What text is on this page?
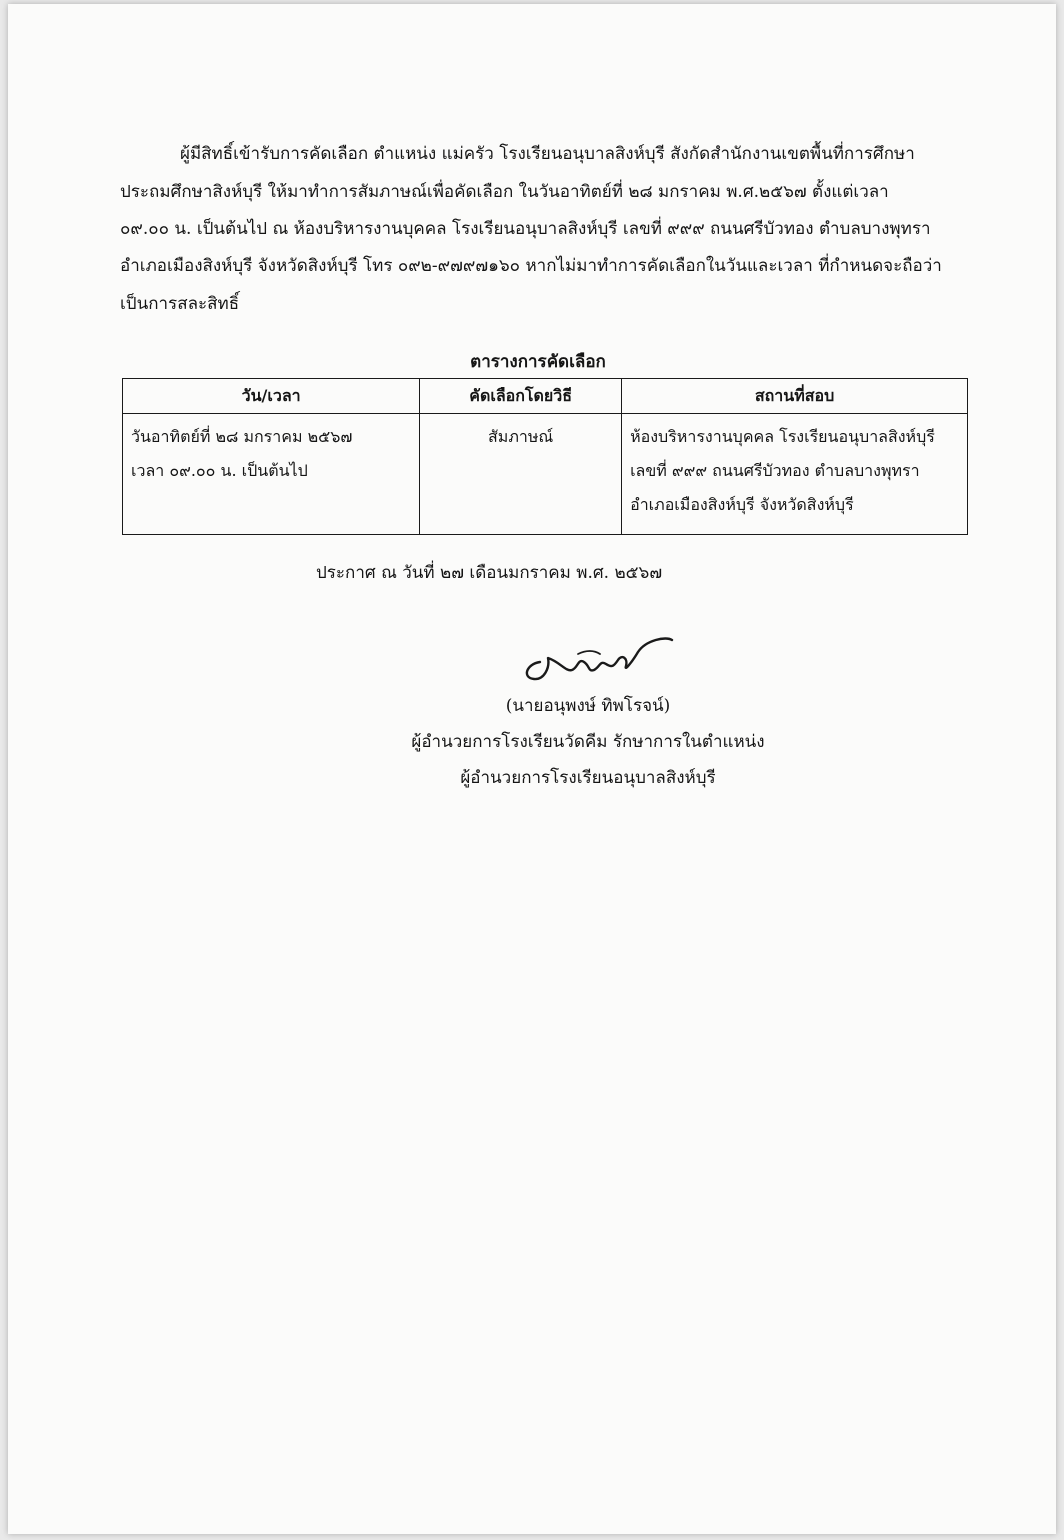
ผู้มีสิทธิ์เข้ารับการคัดเลือก ตำแหน่ง แม่ครัว โรงเรียนอนุบาลสิงห์บุรี สังกัดสำนักงานเขตพื้นที่การศึกษา
ประถมศึกษาสิงห์บุรี ให้มาทำการสัมภาษณ์เพื่อคัดเลือก ในวันอาทิตย์ที่ ๒๘ มกราคม พ.ศ.๒๕๖๗ ตั้งแต่เวลา
๐๙.๐๐ น. เป็นต้นไป ณ ห้องบริหารงานบุคคล โรงเรียนอนุบาลสิงห์บุรี เลขที่ ๙๙๙ ถนนศรีบัวทอง ตำบลบางพุทรา
อำเภอเมืองสิงห์บุรี จังหวัดสิงห์บุรี โทร ๐๙๒-๙๗๙๗๑๖๐ หากไม่มาทำการคัดเลือกในวันและเวลา ที่กำหนดจะถือว่า
เป็นการสละสิทธิ์
ตารางการคัดเลือก
วัน/เวลา	คัดเลือกโดยวิธี	สถานที่สอบ

วันอาทิตย์ที่ ๒๘ มกราคม ๒๕๖๗
เวลา ๐๙.๐๐ น. เป็นต้นไป	สัมภาษณ์	ห้องบริหารงานบุคคล โรงเรียนอนุบาลสิงห์บุรี
เลขที่ ๙๙๙ ถนนศรีบัวทอง ตำบลบางพุทรา
อำเภอเมืองสิงห์บุรี จังหวัดสิงห์บุรี
ประกาศ ณ วันที่ ๒๗ เดือนมกราคม พ.ศ. ๒๕๖๗
(นายอนุพงษ์ ทิพโรจน์)
ผู้อำนวยการโรงเรียนวัดคีม รักษาการในตำแหน่ง
ผู้อำนวยการโรงเรียนอนุบาลสิงห์บุรี
